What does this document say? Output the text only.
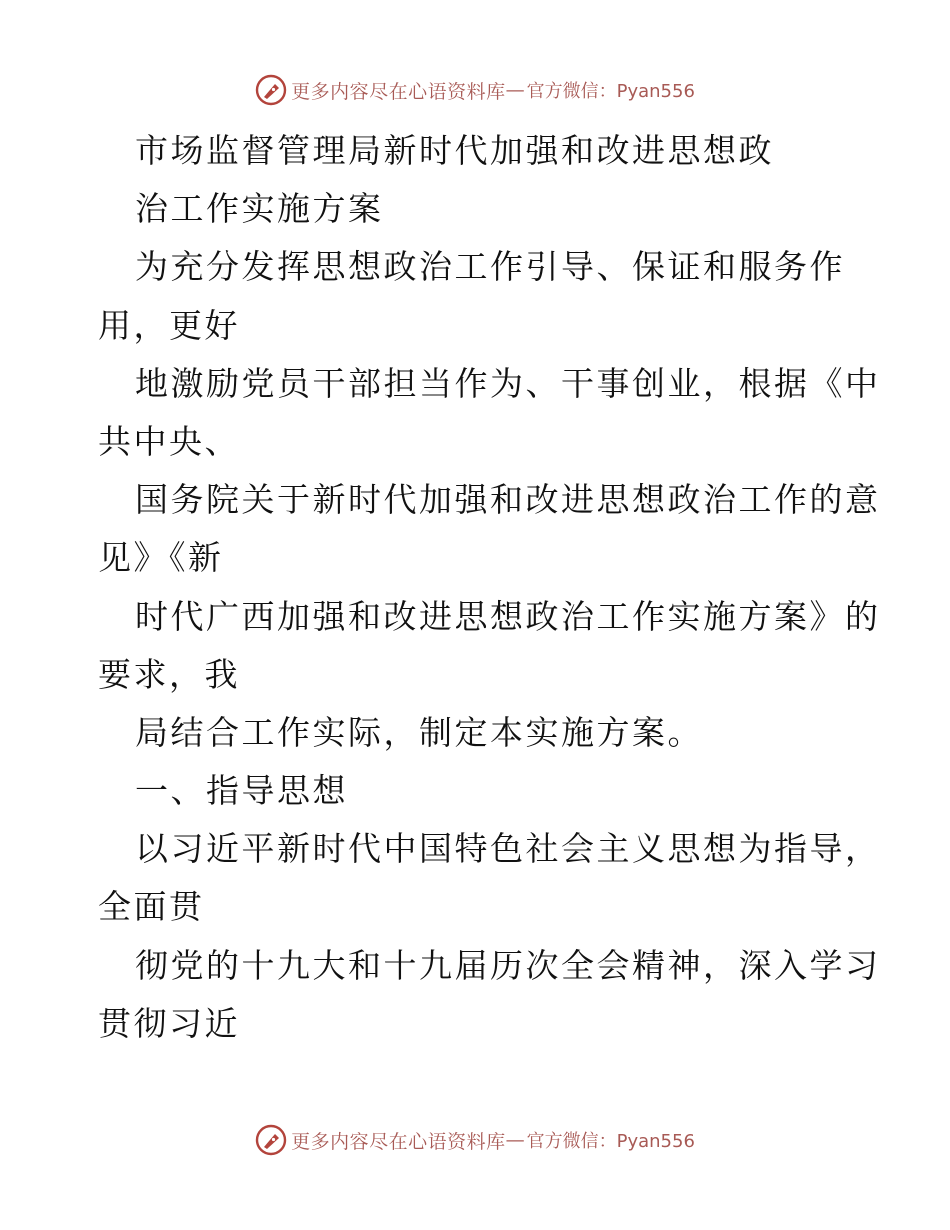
更多内容尽在心语资料库 — 官方微信：Pyan556
市场监督管理局新时代加强和改进思想政
治工作实施方案
为充分发挥思想政治工作引导、保证和服务作
用，更好
地激励党员干部担当作为、干事创业，根据《中
共中央、
国务院关于新时代加强和改进思想政治工作的意
见》《新
时代广西加强和改进思想政治工作实施方案》的
要求，我
局结合工作实际，制定本实施方案。
一、指导思想
以习近平新时代中国特色社会主义思想为指导，
全面贯
彻党的十九大和十九届历次全会精神，深入学习
贯彻习近
更多内容尽在心语资料库 — 官方微信：Pyan556
